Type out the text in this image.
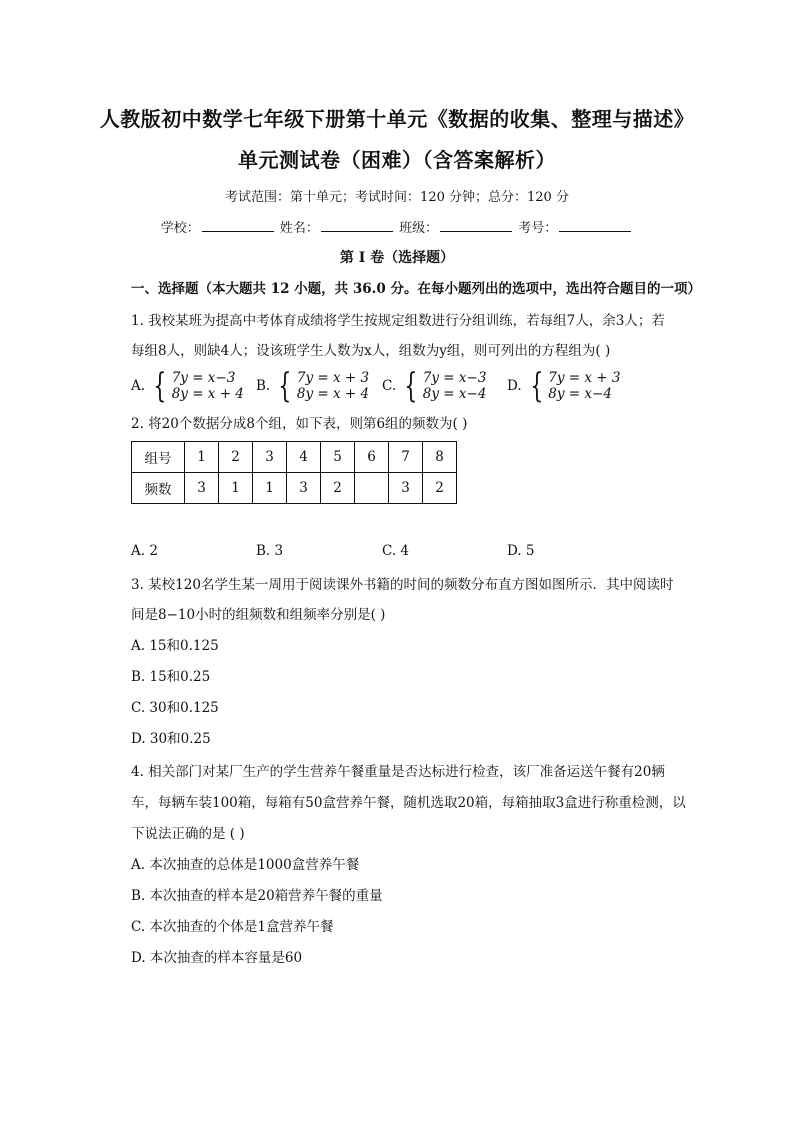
人教版初中数学七年级下册第十单元《数据的收集、整理与描述》
单元测试卷（困难）（含答案解析）
考试范围：第十单元；考试时间：120 分钟；总分：120 分
学校：	姓名：	班级：	考号：
第 I 卷（选择题）
一、选择题（本大题共 12 小题，共 36.0 分。在每小题列出的选项中，选出符合题目的一项）
1. 我校某班为提高中考体育成绩将学生按规定组数进行分组训练，若每组7人，余3人；若
每组8人，则缺4人；设该班学生人数为x人，组数为y组，则可列出的方程组为( )
A. { 7y = x−3
8y = x + 4 B. { 7y = x + 3
8y = x + 4 C. { 7y = x−3
8y = x−4 D. { 7y = x + 3
8y = x−4
2. 将20个数据分成8个组，如下表，则第6组的频数为( )
组号	1	2	3	4	5	6	7	8
频数	3	1	1	3	2		3	2
A. 2	B. 3	C. 4	D. 5
3. 某校120名学生某一周用于阅读课外书籍的时间的频数分布直方图如图所示．其中阅读时
间是8−10小时的组频数和组频率分别是( )
A. 15和0.125
B. 15和0.25
C. 30和0.125
D. 30和0.25
4. 相关部门对某厂生产的学生营养午餐重量是否达标进行检查，该厂准备运送午餐有20辆
车，每辆车装100箱，每箱有50盒营养午餐，随机选取20箱，每箱抽取3盒进行称重检测，以
下说法正确的是 ( )
A. 本次抽查的总体是1000盒营养午餐
B. 本次抽查的样本是20箱营养午餐的重量
C. 本次抽查的个体是1盒营养午餐
D. 本次抽查的样本容量是60
